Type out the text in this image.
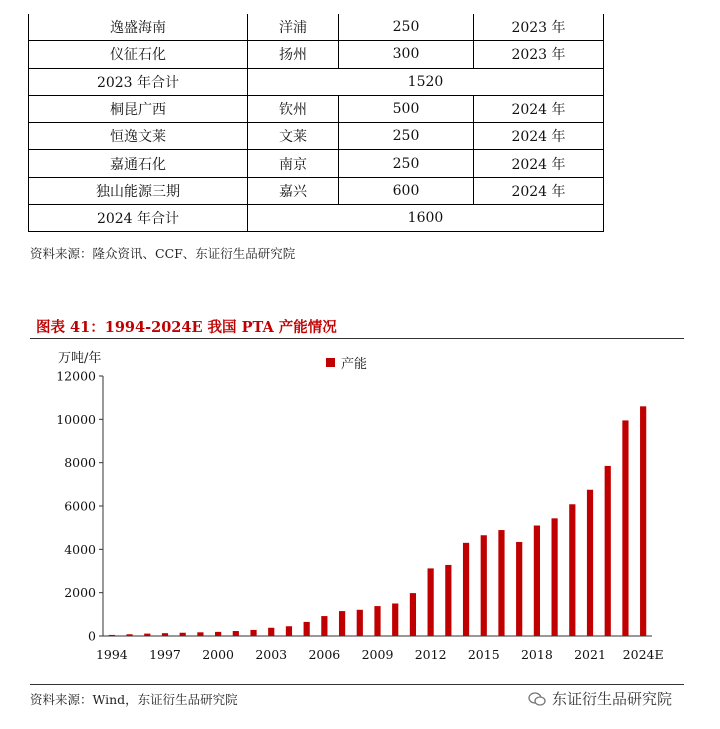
逸盛海南	洋浦	250	2023 年
仪征石化	扬州	300	2023 年
2023 年合计	1520		
桐昆广西	钦州	500	2024 年
恒逸文莱	文莱	250	2024 年
嘉通石化	南京	250	2024 年
独山能源三期	嘉兴	600	2024 年
2024 年合计	1600		
资料来源：隆众资讯、CCF、东证衍生品研究院
图表 41：1994-2024E 我国 PTA 产能情况
万吨/年
0
2000
4000
6000
8000
10000
12000
1994 1997 2000 2003 2006 2009 2012 2015 2018 2021 2024E
产能
资料来源：Wind，东证衍生品研究院	东证衍生品研究院
